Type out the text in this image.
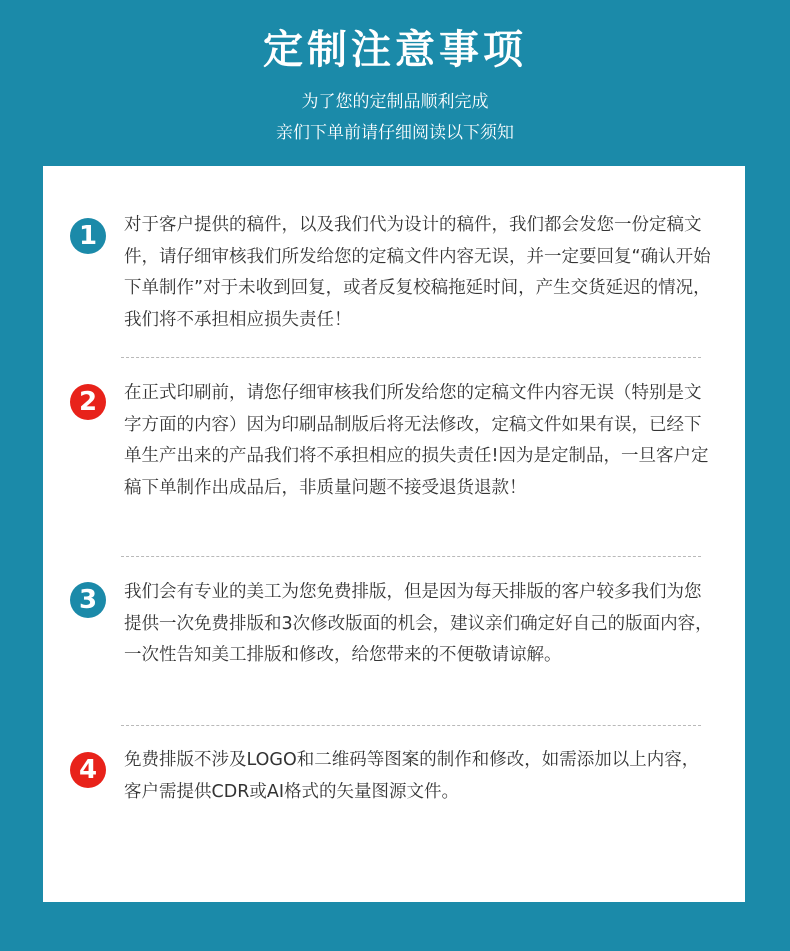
定制注意事项
为了您的定制品顺利完成
亲们下单前请仔细阅读以下须知
1	对于客户提供的稿件，以及我们代为设计的稿件，我们都会发您一份定稿文件，请仔细审核我们所发给您的定稿文件内容无误，并一定要回复“确认开始下单制作”对于未收到回复，或者反复校稿拖延时间，产生交货延迟的情况，我们将不承担相应损失责任！

2	在正式印刷前，请您仔细审核我们所发给您的定稿文件内容无误（特别是文字方面的内容）因为印刷品制版后将无法修改，定稿文件如果有误，已经下单生产出来的产品我们将不承担相应的损失责任!因为是定制品，一旦客户定稿下单制作出成品后，非质量问题不接受退货退款！

3	我们会有专业的美工为您免费排版，但是因为每天排版的客户较多我们为您提供一次免费排版和3次修改版面的机会，建议亲们确定好自己的版面内容，一次性告知美工排版和修改，给您带来的不便敬请谅解。

4	免费排版不涉及LOGO和二维码等图案的制作和修改，如需添加以上内容，客户需提供CDR或AI格式的矢量图源文件。
